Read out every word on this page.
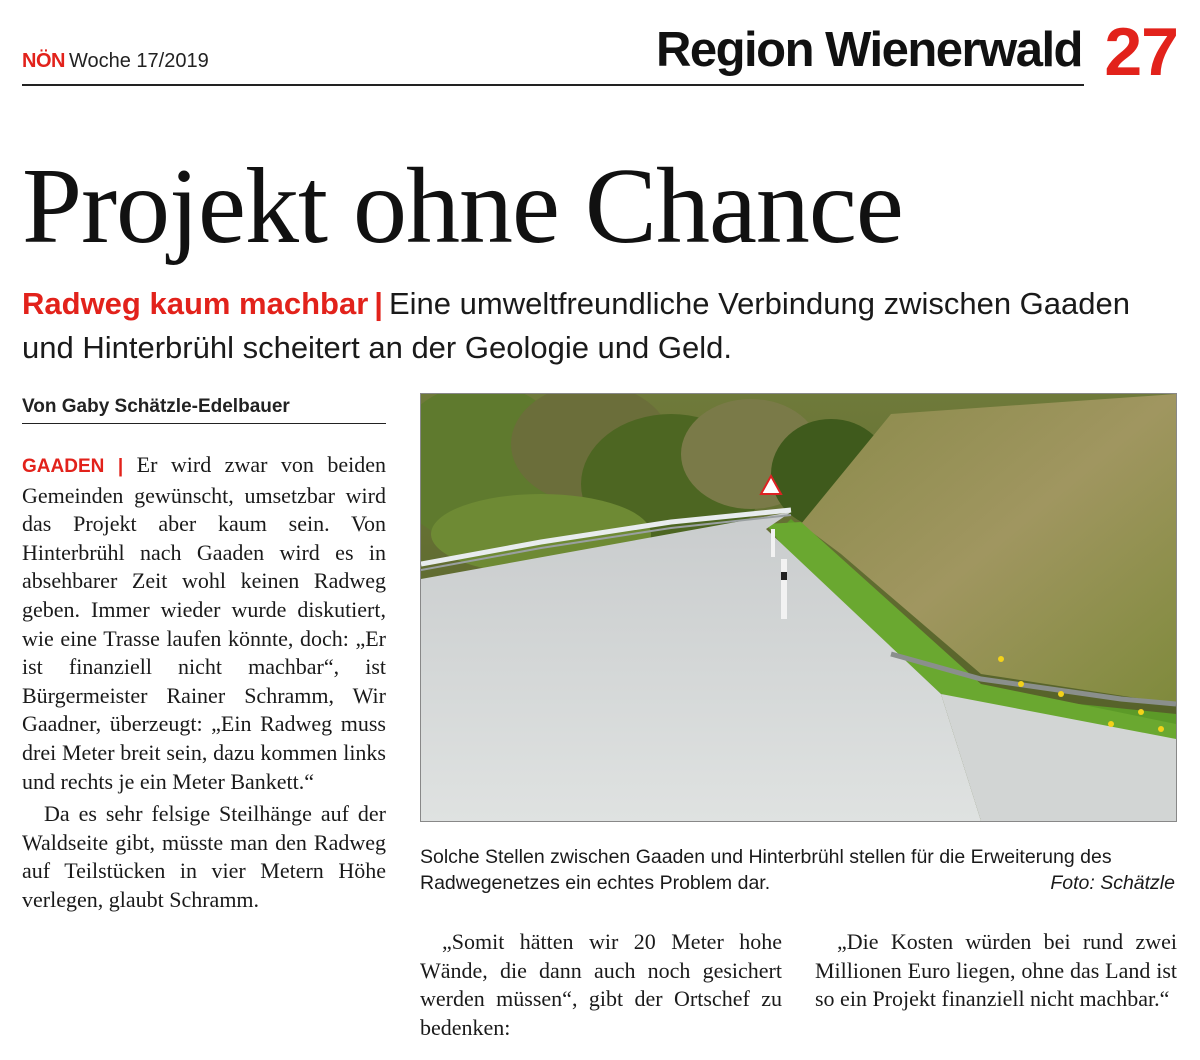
NÖN Woche 17/2019	Region Wienerwald 27
Projekt ohne Chance
Radweg kaum machbar | Eine umweltfreundliche Verbindung zwischen Gaaden und Hinterbrühl scheitert an der Geologie und Geld.
Von Gaby Schätzle-Edelbauer

GAADEN | Er wird zwar von beiden Gemeinden gewünscht, umsetzbar wird das Projekt aber kaum sein. Von Hinterbrühl nach Gaaden wird es in absehbarer Zeit wohl keinen Radweg geben. Immer wieder wurde diskutiert, wie eine Trasse laufen könnte, doch: „Er ist finanziell nicht machbar“, ist Bürgermeister Rainer Schramm, Wir Gaadner, überzeugt: „Ein Radweg muss drei Meter breit sein, dazu kommen links und rechts je ein Meter Bankett.“

Da es sehr felsige Steilhänge auf der Waldseite gibt, müsste man den Radweg auf Teilstücken in vier Metern Höhe verlegen, glaubt Schramm.

Solche Stellen zwischen Gaaden und Hinterbrühl stellen für die Erweiterung des Radwegenetzes ein echtes Problem dar.	Foto: Schätzle

„Somit hätten wir 20 Meter hohe Wände, die dann auch noch gesichert werden müssen“, gibt der Ortschef zu bedenken:

„Die Kosten würden bei rund zwei Millionen Euro liegen, ohne das Land ist so ein Projekt finanziell nicht machbar.“
